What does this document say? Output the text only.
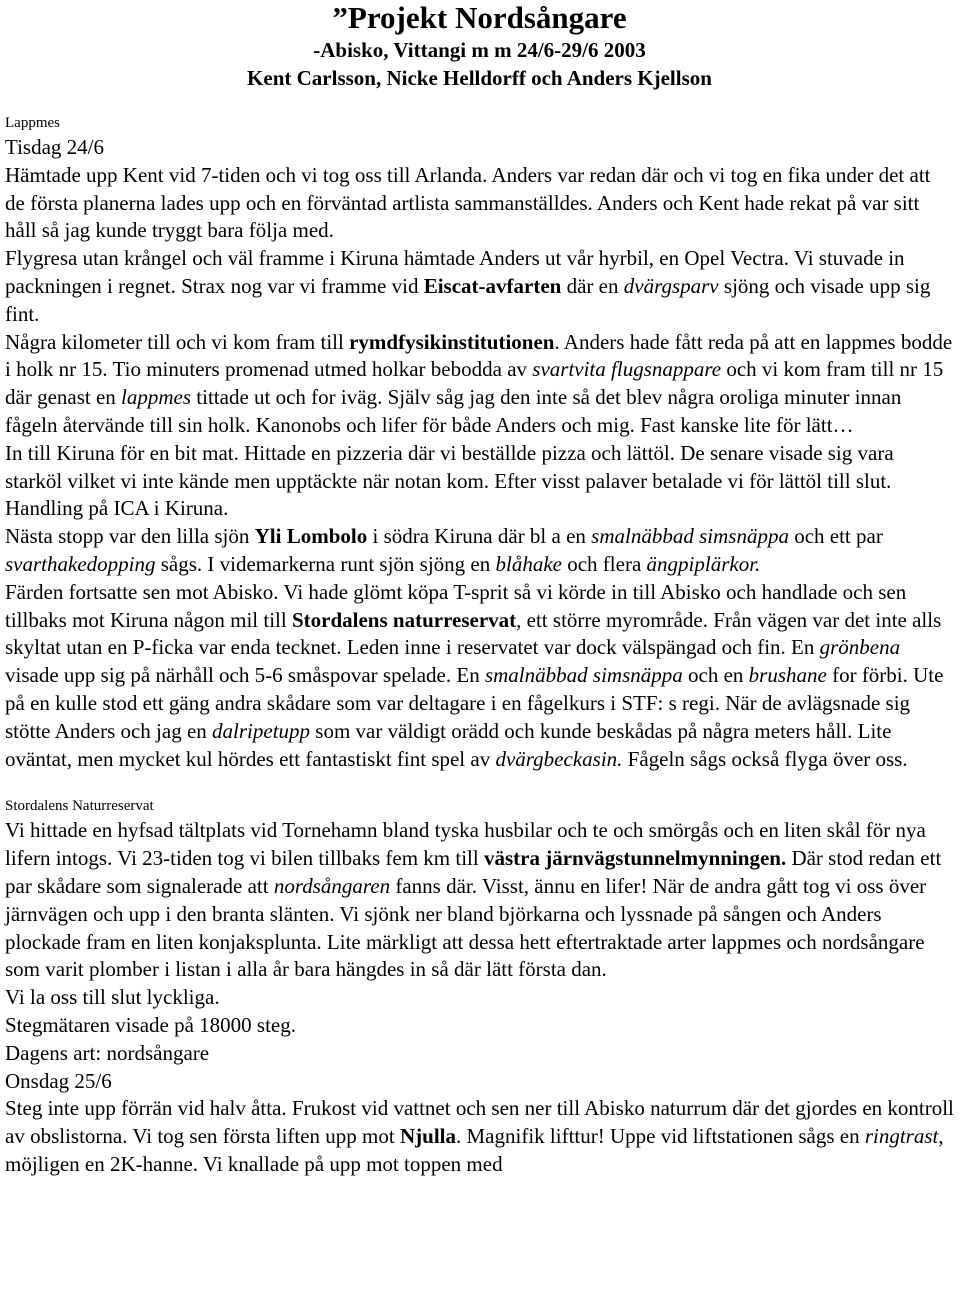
”Projekt Nordsångare
-Abisko, Vittangi m m 24/6-29/6 2003
Kent Carlsson, Nicke Helldorff och Anders Kjellson
Lappmes

Tisdag 24/6

Hämtade upp Kent vid 7-tiden och vi tog oss till Arlanda. Anders var redan där och vi tog en fika under det att de första planerna lades upp och en förväntad artlista sammanställdes. Anders och Kent hade rekat på var sitt håll så jag kunde tryggt bara följa med.

Flygresa utan krångel och väl framme i Kiruna hämtade Anders ut vår hyrbil, en Opel Vectra. Vi stuvade in packningen i regnet. Strax nog var vi framme vid Eiscat-avfarten där en dvärgsparv sjöng och visade upp sig fint.

Några kilometer till och vi kom fram till rymdfysikinstitutionen. Anders hade fått reda på att en lappmes bodde i holk nr 15. Tio minuters promenad utmed holkar bebodda av svartvita flugsnappare och vi kom fram till nr 15 där genast en lappmes tittade ut och for iväg. Själv såg jag den inte så det blev några oroliga minuter innan fågeln återvände till sin holk. Kanonobs och lifer för både Anders och mig. Fast kanske lite för lätt…

In till Kiruna för en bit mat. Hittade en pizzeria där vi beställde pizza och lättöl. De senare visade sig vara starköl vilket vi inte kände men upptäckte när notan kom. Efter visst palaver betalade vi för lättöl till slut. Handling på ICA i Kiruna.

Nästa stopp var den lilla sjön Yli Lombolo i södra Kiruna där bl a en smalnäbbad simsnäppa och ett par svarthakedopping sågs. I videmarkerna runt sjön sjöng en blåhake och flera ängpiplärkor.

Färden fortsatte sen mot Abisko. Vi hade glömt köpa T-sprit så vi körde in till Abisko och handlade och sen tillbaks mot Kiruna någon mil till Stordalens naturreservat, ett större myrområde. Från vägen var det inte alls skyltat utan en P-ficka var enda tecknet. Leden inne i reservatet var dock välspängad och fin. En grönbena visade upp sig på närhåll och 5-6 småspovar spelade. En smalnäbbad simsnäppa och en brushane for förbi. Ute på en kulle stod ett gäng andra skådare som var deltagare i en fågelkurs i STF: s regi. När de avlägsnade sig stötte Anders och jag en dalripetupp som var väldigt orädd och kunde beskådas på några meters håll. Lite oväntat, men mycket kul hördes ett fantastiskt fint spel av dvärgbeckasin. Fågeln sågs också flyga över oss.

Stordalens Naturreservat

Vi hittade en hyfsad tältplats vid Tornehamn bland tyska husbilar och te och smörgås och en liten skål för nya lifern intogs. Vi 23-tiden tog vi bilen tillbaks fem km till västra järnvägstunnelmynningen. Där stod redan ett par skådare som signalerade att nordsångaren fanns där. Visst, ännu en lifer! När de andra gått tog vi oss över järnvägen och upp i den branta slänten. Vi sjönk ner bland björkarna och lyssnade på sången och Anders plockade fram en liten konjaksplunta. Lite märkligt att dessa hett eftertraktade arter lappmes och nordsångare som varit plomber i listan i alla år bara hängdes in så där lätt första dan.

Vi la oss till slut lyckliga.

Stegmätaren visade på 18000 steg.

Dagens art: nordsångare

Onsdag 25/6

Steg inte upp förrän vid halv åtta. Frukost vid vattnet och sen ner till Abisko naturrum där det gjordes en kontroll av obslistorna. Vi tog sen första liften upp mot Njulla. Magnifik lifttur! Uppe vid liftstationen sågs en ringtrast, möjligen en 2K-hanne. Vi knallade på upp mot toppen med
